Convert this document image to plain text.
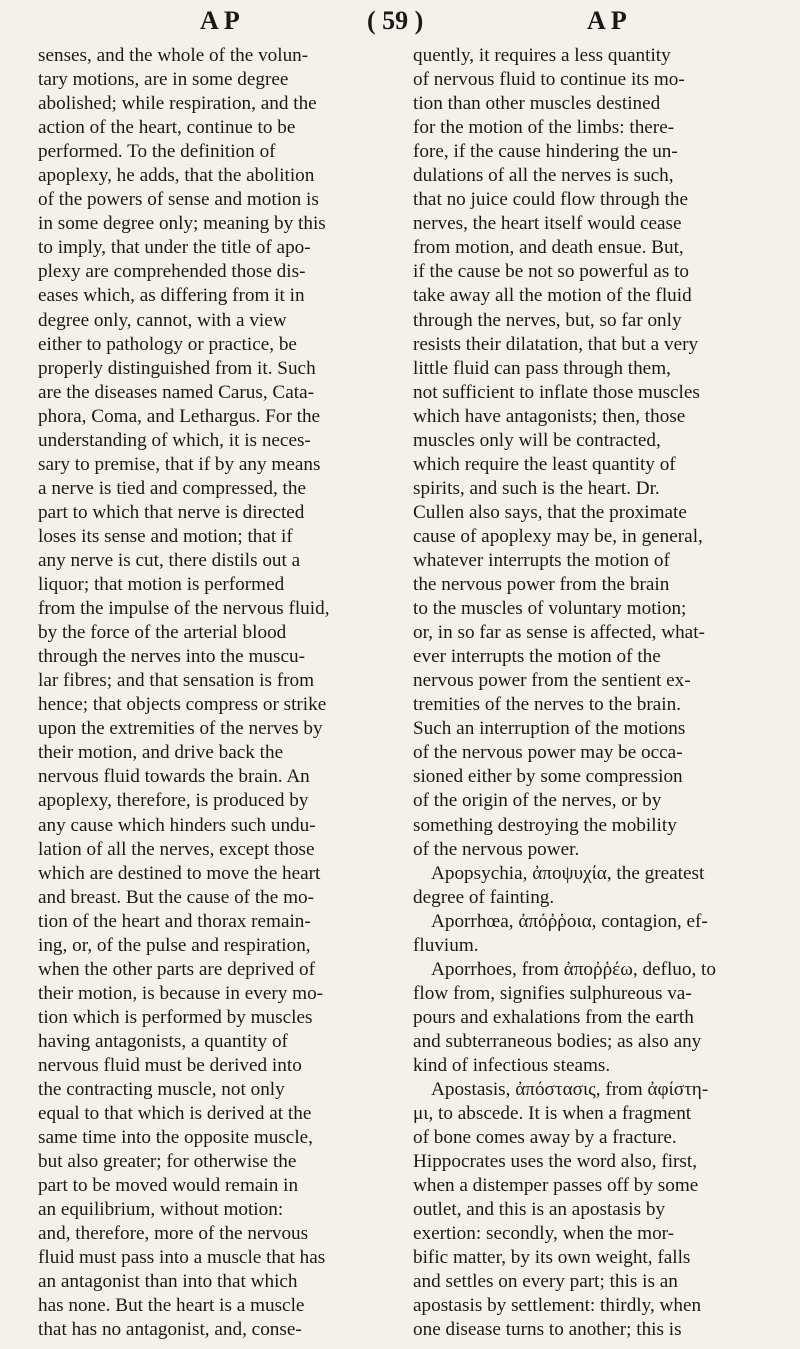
A P	( 59 )	A P
senses, and the whole of the volun-
tary motions, are in some degree
abolished; while respiration, and the
action of the heart, continue to be
performed. To the definition of
apoplexy, he adds, that the abolition
of the powers of sense and motion is
in some degree only; meaning by this
to imply, that under the title of apo-
plexy are comprehended those dis-
eases which, as differing from it in
degree only, cannot, with a view
either to pathology or practice, be
properly distinguished from it. Such
are the diseases named Carus, Cata-
phora, Coma, and Lethargus. For the
understanding of which, it is neces-
sary to premise, that if by any means
a nerve is tied and compressed, the
part to which that nerve is directed
loses its sense and motion; that if
any nerve is cut, there distils out a
liquor; that motion is performed
from the impulse of the nervous fluid,
by the force of the arterial blood
through the nerves into the muscu-
lar fibres; and that sensation is from
hence; that objects compress or strike
upon the extremities of the nerves by
their motion, and drive back the
nervous fluid towards the brain. An
apoplexy, therefore, is produced by
any cause which hinders such undu-
lation of all the nerves, except those
which are destined to move the heart
and breast. But the cause of the mo-
tion of the heart and thorax remain-
ing, or, of the pulse and respiration,
when the other parts are deprived of
their motion, is because in every mo-
tion which is performed by muscles
having antagonists, a quantity of
nervous fluid must be derived into
the contracting muscle, not only
equal to that which is derived at the
same time into the opposite muscle,
but also greater; for otherwise the
part to be moved would remain in
an equilibrium, without motion:
and, therefore, more of the nervous
fluid must pass into a muscle that has
an antagonist than into that which
has none. But the heart is a muscle
that has no antagonist, and, conse-
quently, it requires a less quantity
of nervous fluid to continue its mo-
tion than other muscles destined
for the motion of the limbs: there-
fore, if the cause hindering the un-
dulations of all the nerves is such,
that no juice could flow through the
nerves, the heart itself would cease
from motion, and death ensue. But,
if the cause be not so powerful as to
take away all the motion of the fluid
through the nerves, but, so far only
resists their dilatation, that but a very
little fluid can pass through them,
not sufficient to inflate those muscles
which have antagonists; then, those
muscles only will be contracted,
which require the least quantity of
spirits, and such is the heart. Dr.
Cullen also says, that the proximate
cause of apoplexy may be, in general,
whatever interrupts the motion of
the nervous power from the brain
to the muscles of voluntary motion;
or, in so far as sense is affected, what-
ever interrupts the motion of the
nervous power from the sentient ex-
tremities of the nerves to the brain.
Such an interruption of the motions
of the nervous power may be occa-
sioned either by some compression
of the origin of the nerves, or by
something destroying the mobility
of the nervous power.
Apopsychia, ἀποψυχία, the greatest
degree of fainting.
Aporrhœa, ἀπόῤῥοια, contagion, ef-
fluvium.
Aporrhoes, from ἀποῤῥέω, defluo, to
flow from, signifies sulphureous va-
pours and exhalations from the earth
and subterraneous bodies; as also any
kind of infectious steams.
Apostasis, ἀπόστασις, from ἀφίστη-
μι, to abscede. It is when a fragment
of bone comes away by a fracture.
Hippocrates uses the word also, first,
when a distemper passes off by some
outlet, and this is an apostasis by
exertion: secondly, when the mor-
bific matter, by its own weight, falls
and settles on every part; this is an
apostasis by settlement: thirdly, when
one disease turns to another; this is
